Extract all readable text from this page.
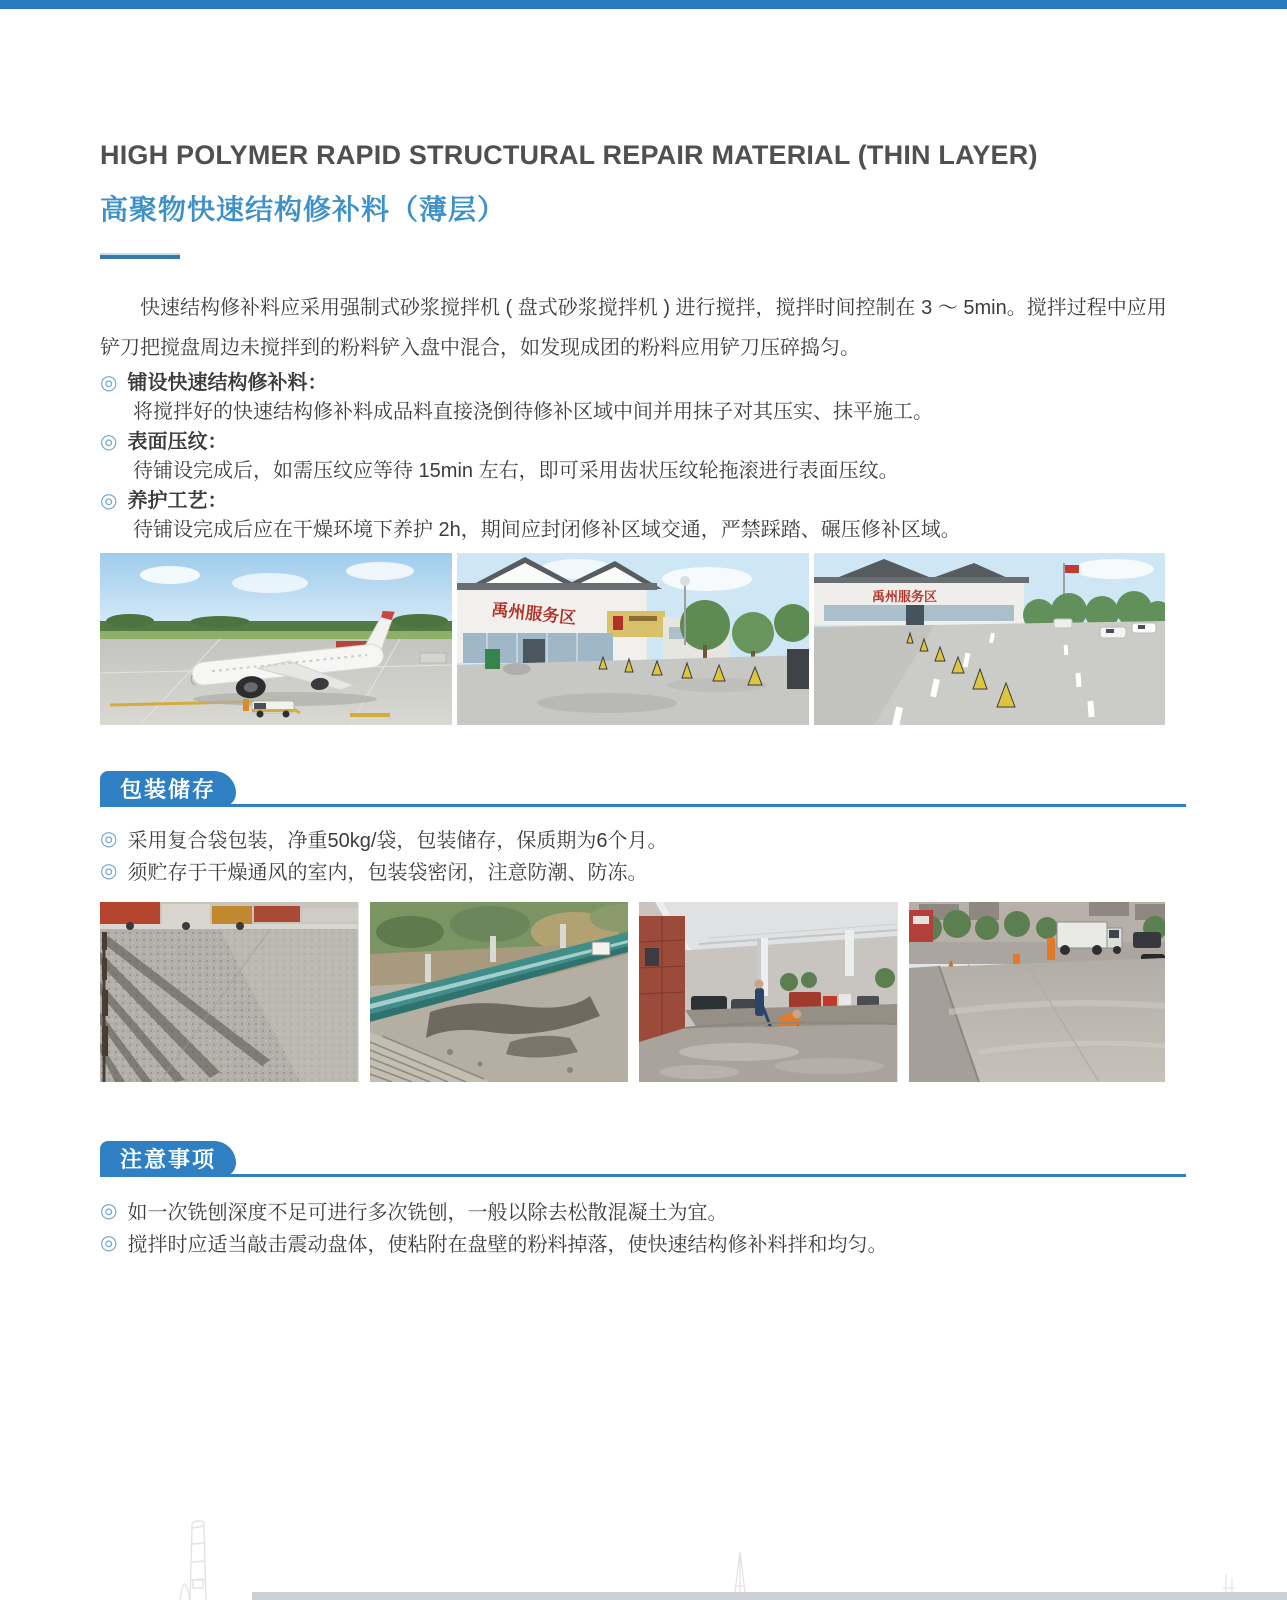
HIGH POLYMER RAPID STRUCTURAL REPAIR MATERIAL (THIN LAYER)
高聚物快速结构修补料（薄层）

快速结构修补料应采用强制式砂浆搅拌机 ( 盘式砂浆搅拌机 ) 进行搅拌，搅拌时间控制在 3 ～ 5min。搅拌过程中应用铲刀把搅盘周边未搅拌到的粉料铲入盘中混合，如发现成团的粉料应用铲刀压碎捣匀。

◎ 铺设快速结构修补料：
将搅拌好的快速结构修补料成品料直接浇倒待修补区域中间并用抹子对其压实、抹平施工。
◎ 表面压纹：
待铺设完成后，如需压纹应等待 15min 左右，即可采用齿状压纹轮拖滚进行表面压纹。
◎ 养护工艺：
待铺设完成后应在干燥环境下养护 2h，期间应封闭修补区域交通，严禁踩踏、碾压修补区域。
禹州服务区
禹州服务区
包装储存
◎ 采用复合袋包装，净重50kg/袋，包装储存，保质期为6个月。
◎ 须贮存于干燥通风的室内，包装袋密闭，注意防潮、防冻。
注意事项
◎ 如一次铣刨深度不足可进行多次铣刨，一般以除去松散混凝土为宜。
◎ 搅拌时应适当敲击震动盘体，使粘附在盘壁的粉料掉落，使快速结构修补料拌和均匀。
